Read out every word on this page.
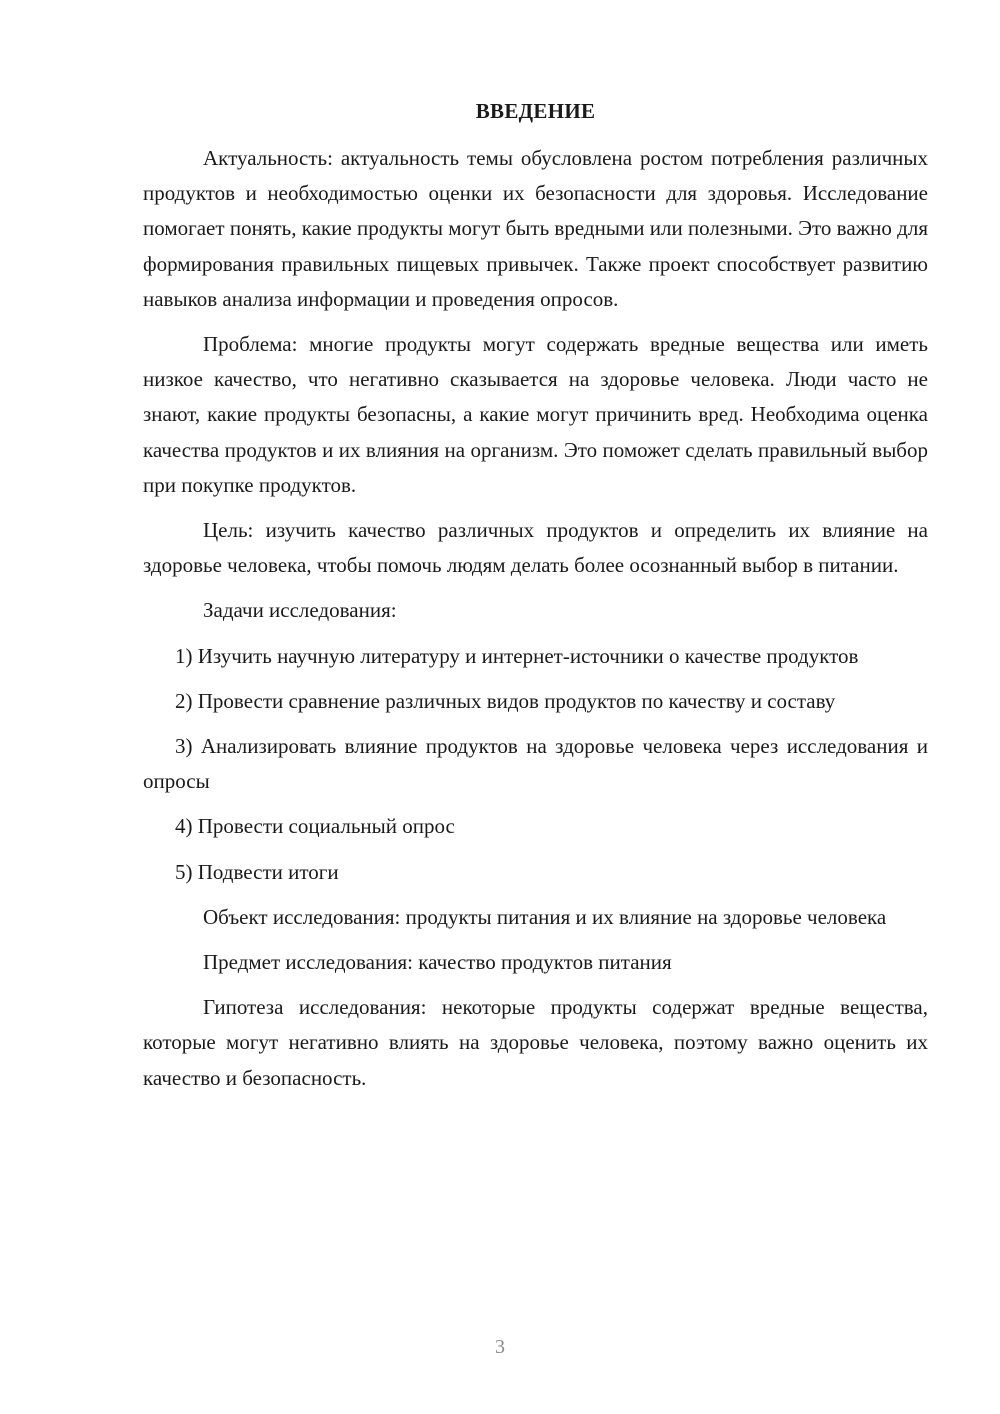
ВВЕДЕНИЕ

Актуальность: актуальность темы обусловлена ростом потребления различных продуктов и необходимостью оценки их безопасности для здоровья. Исследование помогает понять, какие продукты могут быть вредными или полезными. Это важно для формирования правильных пищевых привычек. Также проект способствует развитию навыков анализа информации и проведения опросов.

Проблема: многие продукты могут содержать вредные вещества или иметь низкое качество, что негативно сказывается на здоровье человека. Люди часто не знают, какие продукты безопасны, а какие могут причинить вред. Необходима оценка качества продуктов и их влияния на организм. Это поможет сделать правильный выбор при покупке продуктов.

Цель: изучить качество различных продуктов и определить их влияние на здоровье человека, чтобы помочь людям делать более осознанный выбор в питании.

Задачи исследования:

1) Изучить научную литературу и интернет-источники о качестве продуктов

2) Провести сравнение различных видов продуктов по качеству и составу

3) Анализировать влияние продуктов на здоровье человека через исследования и опросы

4) Провести социальный опрос

5) Подвести итоги

Объект исследования: продукты питания и их влияние на здоровье человека

Предмет исследования: качество продуктов питания

Гипотеза исследования: некоторые продукты содержат вредные вещества, которые могут негативно влиять на здоровье человека, поэтому важно оценить их качество и безопасность.

3
